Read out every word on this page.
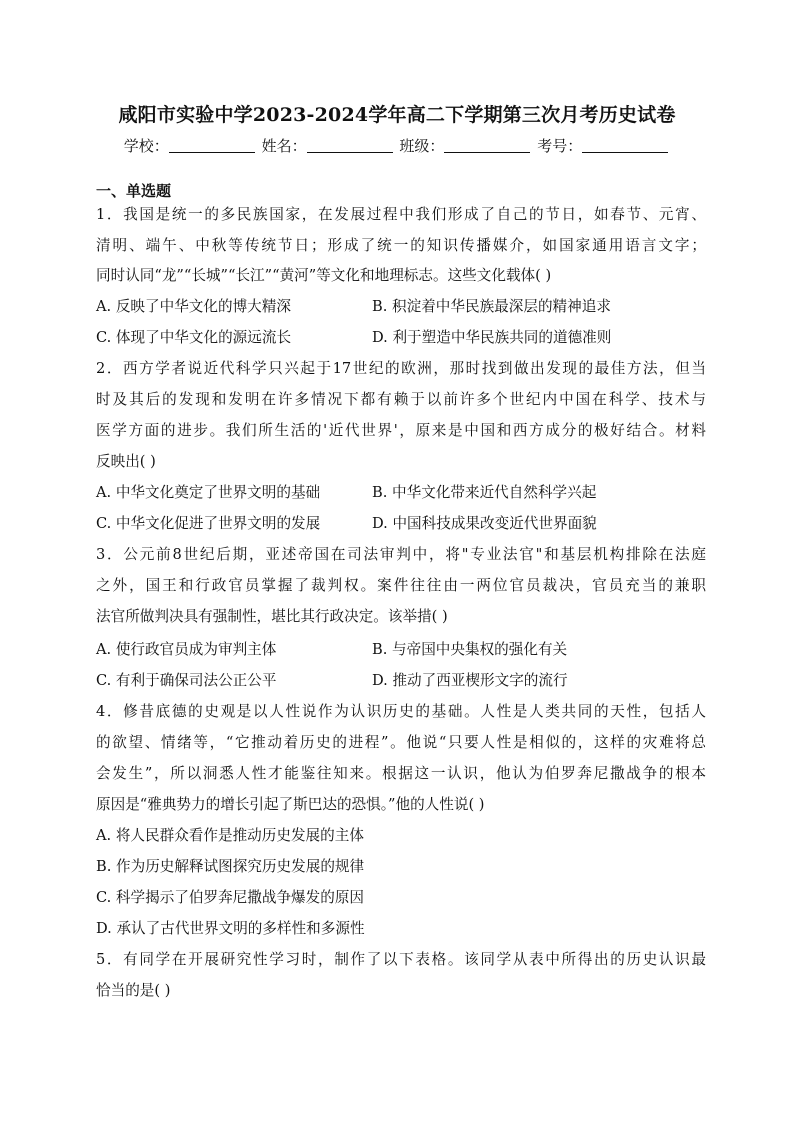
咸阳市实验中学2023-2024学年高二下学期第三次月考历史试卷
学校：	姓名：	班级：	考号：
一、单选题
1．我国是统一的多民族国家，在发展过程中我们形成了自己的节日，如春节、元宵、
清明、端午、中秋等传统节日；形成了统一的知识传播媒介，如国家通用语言文字；
同时认同“龙”“长城”“长江”“黄河”等文化和地理标志。这些文化载体( )
A. 反映了中华文化的博大精深	B. 积淀着中华民族最深层的精神追求
C. 体现了中华文化的源远流长	D. 利于塑造中华民族共同的道德准则
2．西方学者说近代科学只兴起于17世纪的欧洲，那时找到做出发现的最佳方法，但当
时及其后的发现和发明在许多情况下都有赖于以前许多个世纪内中国在科学、技术与
医学方面的进步。我们所生活的'近代世界'，原来是中国和西方成分的极好结合。材料
反映出( )
A. 中华文化奠定了世界文明的基础	B. 中华文化带来近代自然科学兴起
C. 中华文化促进了世界文明的发展	D. 中国科技成果改变近代世界面貌
3．公元前8世纪后期，亚述帝国在司法审判中，将"专业法官"和基层机构排除在法庭
之外，国王和行政官员掌握了裁判权。案件往往由一两位官员裁决，官员充当的兼职
法官所做判决具有强制性，堪比其行政决定。该举措( )
A. 使行政官员成为审判主体	B. 与帝国中央集权的强化有关
C. 有利于确保司法公正公平	D. 推动了西亚楔形文字的流行
4．修昔底德的史观是以人性说作为认识历史的基础。人性是人类共同的天性，包括人
的欲望、情绪等，“它推动着历史的进程”。他说“只要人性是相似的，这样的灾难将总
会发生”，所以洞悉人性才能鉴往知来。根据这一认识，他认为伯罗奔尼撒战争的根本
原因是“雅典势力的增长引起了斯巴达的恐惧。”他的人性说( )
A. 将人民群众看作是推动历史发展的主体
B. 作为历史解释试图探究历史发展的规律
C. 科学揭示了伯罗奔尼撒战争爆发的原因
D. 承认了古代世界文明的多样性和多源性
5．有同学在开展研究性学习时，制作了以下表格。该同学从表中所得出的历史认识最
恰当的是( )
